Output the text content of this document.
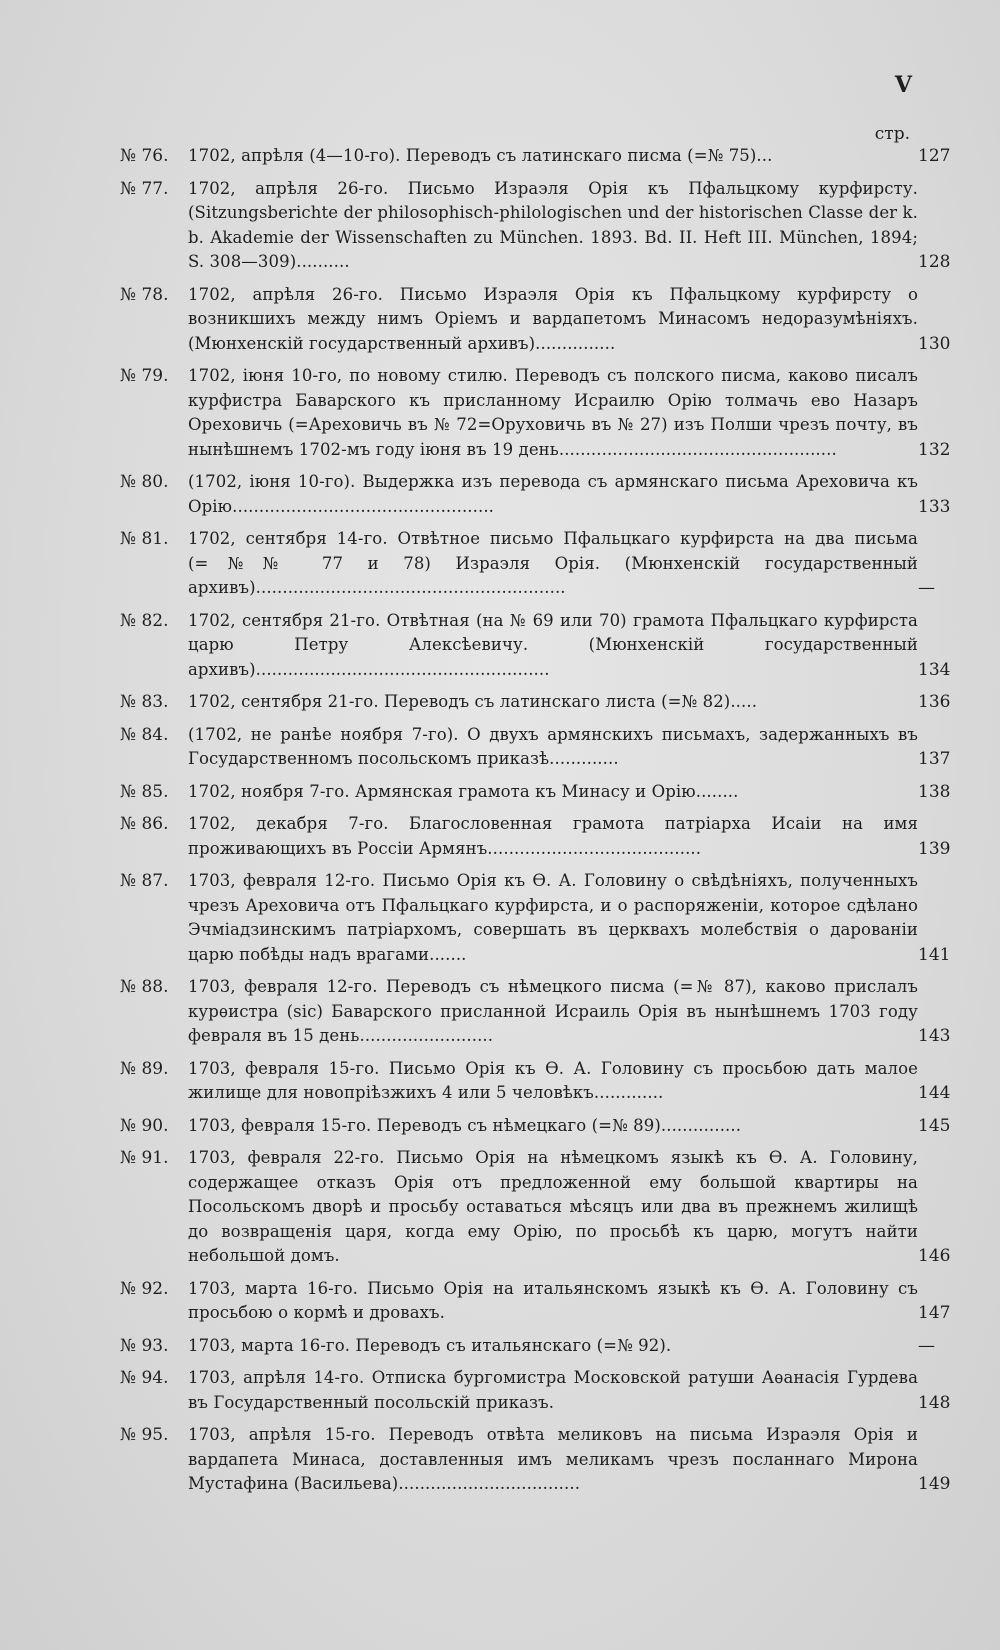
V
стр.
№ 76.	1702, апрѣля (4—10-го). Переводъ съ латинскаго писма (=№ 75)...	127
№ 77.	1702, апрѣля 26-го. Письмо Израэля Орія къ Пфальцкому курфирсту. (Sitzungsberichte der philosophisch-philologischen und der historischen Classe der k. b. Akademie der Wissenschaften zu München. 1893. Bd. II. Heft III. München, 1894; S. 308—309)..........	128
№ 78.	1702, апрѣля 26-го. Письмо Израэля Орія къ Пфальцкому курфирсту о возникшихъ между нимъ Оріемъ и вардапетомъ Минасомъ недоразумѣніяхъ. (Мюнхенскій государственный архивъ)...............	130
№ 79.	1702, іюня 10-го, по новому стилю. Переводъ съ полского писма, каково писалъ курфистра Баварского къ присланному Исраилю Орію толмачь ево Назаръ Ореховичь (=Ареховичь въ № 72=Оруховичь въ № 27) изъ Полши чрезъ почту, въ нынѣшнемъ 1702-мъ году іюня въ 19 день....................................................	132
№ 80.	(1702, іюня 10-го). Выдержка изъ перевода съ армянскаго письма Ареховича къ Орію.................................................	133
№ 81.	1702, сентября 14-го. Отвѣтное письмо Пфальцкаго курфирста на два письма (=№№ 77 и 78) Израэля Орія. (Мюнхенскій государственный архивъ)..........................................................	—
№ 82.	1702, сентября 21-го. Отвѣтная (на № 69 или 70) грамота Пфальцкаго курфирста царю Петру Алексѣевичу. (Мюнхенскій государственный архивъ).......................................................	134
№ 83.	1702, сентября 21-го. Переводъ съ латинскаго листа (=№ 82).....	136
№ 84.	(1702, не ранѣе ноября 7-го). О двухъ армянскихъ письмахъ, задержанныхъ въ Государственномъ посольскомъ приказѣ.............	137
№ 85.	1702, ноября 7-го. Армянская грамота къ Минасу и Орію........	138
№ 86.	1702, декабря 7-го. Благословенная грамота патріарха Исаіи на имя проживающихъ въ Россіи Армянъ........................................	139
№ 87.	1703, февраля 12-го. Письмо Орія къ Ѳ. А. Головину о свѣдѣніяхъ, полученныхъ чрезъ Ареховича отъ Пфальцкаго курфирста, и о распоряженіи, которое сдѣлано Эчміадзинскимъ патріархомъ, совершать въ церквахъ молебствія о дарованіи царю побѣды надъ врагами.......	141
№ 88.	1703, февраля 12-го. Переводъ съ нѣмецкого писма (=№ 87), каково прислалъ курѳистра (sic) Баварского присланной Исраиль Орія въ нынѣшнемъ 1703 году февраля въ 15 день.........................	143
№ 89.	1703, февраля 15-го. Письмо Орія къ Ѳ. А. Головину съ просьбою дать малое жилище для новопріѣзжихъ 4 или 5 человѣкъ.............	144
№ 90.	1703, февраля 15-го. Переводъ съ нѣмецкаго (=№ 89)...............	145
№ 91.	1703, февраля 22-го. Письмо Орія на нѣмецкомъ языкѣ къ Ѳ. А. Головину, содержащее отказъ Орія отъ предложенной ему большой квартиры на Посольскомъ дворѣ и просьбу оставаться мѣсяцъ или два въ прежнемъ жилищѣ до возвращенія царя, когда ему Орію, по просьбѣ къ царю, могутъ найти небольшой домъ.	146
№ 92.	1703, марта 16-го. Письмо Орія на итальянскомъ языкѣ къ Ѳ. А. Головину съ просьбою о кормѣ и дровахъ.	147
№ 93.	1703, марта 16-го. Переводъ съ итальянскаго (=№ 92).	—
№ 94.	1703, апрѣля 14-го. Отписка бургомистра Московской ратуши Аѳанасія Гурдева въ Государственный посольскій приказъ.	148
№ 95.	1703, апрѣля 15-го. Переводъ отвѣта меликовъ на письма Израэля Орія и вардапета Минаса, доставленныя имъ меликамъ чрезъ посланнаго Мирона Мустафина (Васильева)..................................	149
